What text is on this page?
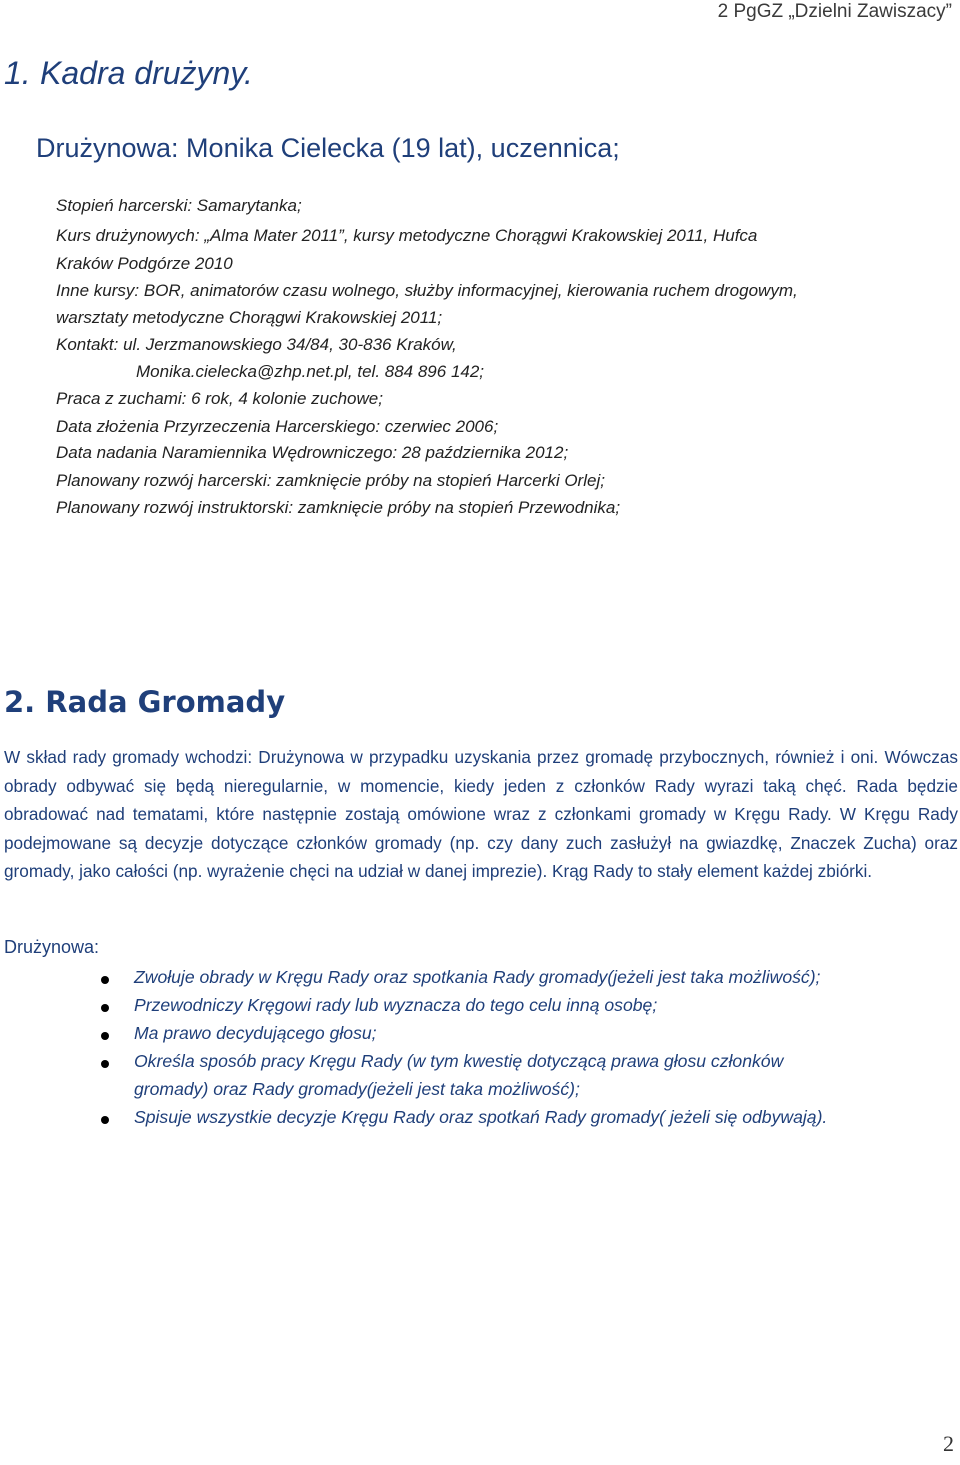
2 PgGZ „Dzielni Zawiszacy”
1. Kadra drużyny.
Drużynowa: Monika Cielecka (19 lat), uczennica;
Stopień harcerski: Samarytanka;
Kurs drużynowych: „Alma Mater 2011”, kursy metodyczne Chorągwi Krakowskiej 2011, Hufca
Kraków Podgórze 2010
Inne kursy: BOR, animatorów czasu wolnego, służby informacyjnej, kierowania ruchem drogowym,
warsztaty metodyczne Chorągwi Krakowskiej 2011;
Kontakt: ul. Jerzmanowskiego 34/84, 30-836 Kraków,
Monika.cielecka@zhp.net.pl, tel. 884 896 142;
Praca z zuchami: 6 rok, 4 kolonie zuchowe;
Data złożenia Przyrzeczenia Harcerskiego: czerwiec 2006;
Data nadania Naramiennika Wędrowniczego: 28 października 2012;
Planowany rozwój harcerski: zamknięcie próby na stopień Harcerki Orlej;
Planowany rozwój instruktorski: zamknięcie próby na stopień Przewodnika;
2. Rada Gromady
W skład rady gromady wchodzi: Drużynowa w przypadku uzyskania przez gromadę przybocznych, również i oni. Wówczas obrady odbywać się będą nieregularnie, w momencie, kiedy jeden z członków Rady wyrazi taką chęć. Rada będzie obradować nad tematami, które następnie zostają omówione wraz z członkami gromady w Kręgu Rady. W Kręgu Rady podejmowane są decyzje dotyczące członków gromady (np. czy dany zuch zasłużył na gwiazdkę, Znaczek Zucha) oraz gromady, jako całości (np. wyrażenie chęci na udział w danej imprezie). Krąg Rady to stały element każdej zbiórki.
Drużynowa:
Zwołuje obrady w Kręgu Rady oraz spotkania Rady gromady(jeżeli jest taka możliwość);
Przewodniczy Kręgowi rady lub wyznacza do tego celu inną osobę;
Ma prawo decydującego głosu;
Określa sposób pracy Kręgu Rady (w tym kwestię dotyczącą prawa głosu członków
gromady) oraz Rady gromady(jeżeli jest taka możliwość);
Spisuje wszystkie decyzje Kręgu Rady oraz spotkań Rady gromady( jeżeli się odbywają).
2
